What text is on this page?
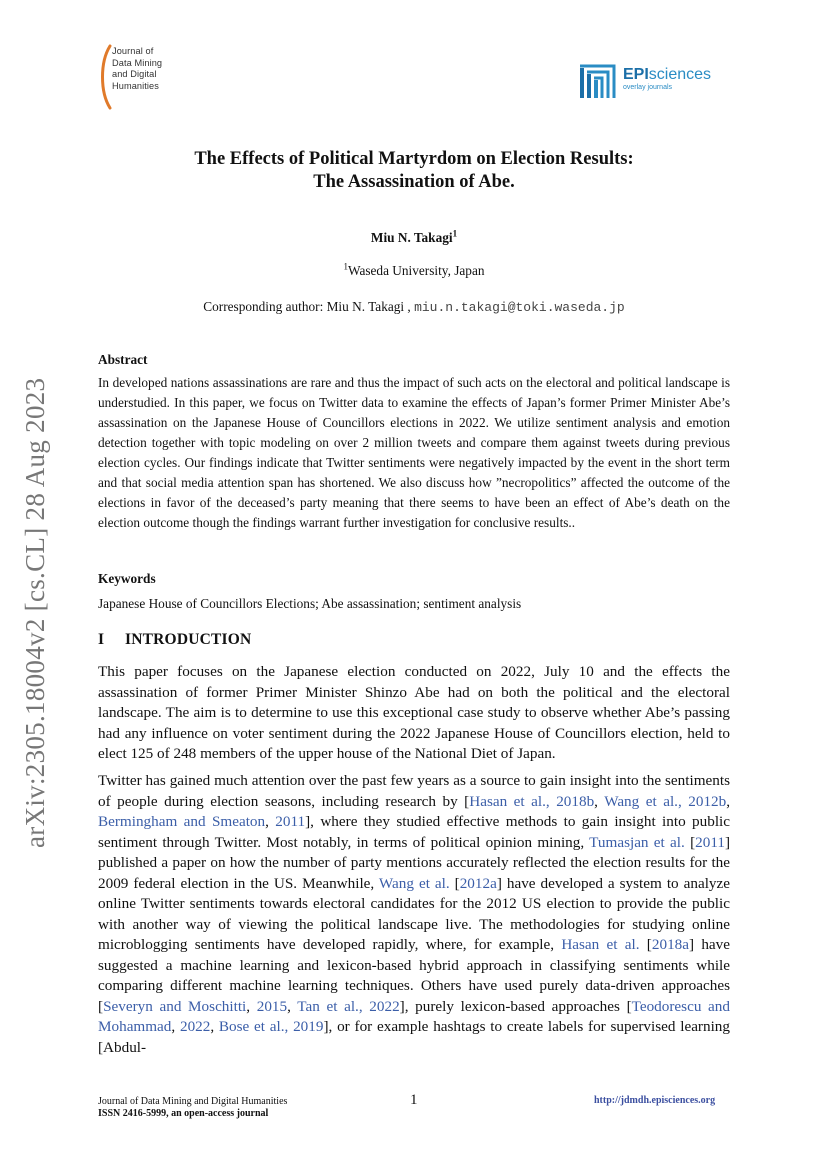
Journal of
Data Mining
and Digital
Humanities
EPIsciences
overlay journals
arXiv:2305.18004v2 [cs.CL] 28 Aug 2023
The Effects of Political Martyrdom on Election Results:
The Assassination of Abe.
Miu N. Takagi$^1$
$^1$Waseda University, Japan
Corresponding author: Miu N. Takagi , miu.n.takagi@toki.waseda.jp
Abstract
In developed nations assassinations are rare and thus the impact of such acts on the electoral and political landscape is understudied. In this paper, we focus on Twitter data to examine the effects of Japan’s former Primer Minister Abe’s assassination on the Japanese House of Councillors elections in 2022. We utilize sentiment analysis and emotion detection together with topic modeling on over 2 million tweets and compare them against tweets during previous election cycles. Our findings indicate that Twitter sentiments were negatively impacted by the event in the short term and that social media attention span has shortened. We also discuss how ”necropolitics” affected the outcome of the elections in favor of the deceased’s party meaning that there seems to have been an effect of Abe’s death on the election outcome though the findings warrant further investigation for conclusive results..
Keywords
Japanese House of Councillors Elections; Abe assassination; sentiment analysis
I INTRODUCTION
This paper focuses on the Japanese election conducted on 2022, July 10 and the effects the assassination of former Primer Minister Shinzo Abe had on both the political and the electoral landscape. The aim is to determine to use this exceptional case study to observe whether Abe’s passing had any influence on voter sentiment during the 2022 Japanese House of Councillors election, held to elect 125 of 248 members of the upper house of the National Diet of Japan.
Twitter has gained much attention over the past few years as a source to gain insight into the sentiments of people during election seasons, including research by [Hasan et al., 2018b, Wang et al., 2012b, Bermingham and Smeaton, 2011], where they studied effective methods to gain insight into public sentiment through Twitter. Most notably, in terms of political opinion mining, Tumasjan et al. [2011] published a paper on how the number of party mentions accurately reflected the election results for the 2009 federal election in the US. Meanwhile, Wang et al. [2012a] have developed a system to analyze online Twitter sentiments towards electoral candidates for the 2012 US election to provide the public with another way of viewing the political landscape live. The methodologies for studying online microblogging sentiments have developed rapidly, where, for example, Hasan et al. [2018a] have suggested a machine learning and lexicon-based hybrid approach in classifying sentiments while comparing different machine learning techniques. Others have used purely data-driven approaches [Severyn and Moschitti, 2015, Tan et al., 2022], purely lexicon-based approaches [Teodorescu and Mohammad, 2022, Bose et al., 2019], or for example hashtags to create labels for supervised learning [Abdul-
Journal of Data Mining and Digital Humanities
ISSN 2416-5999, an open-access journal
1	http://jdmdh.episciences.org
